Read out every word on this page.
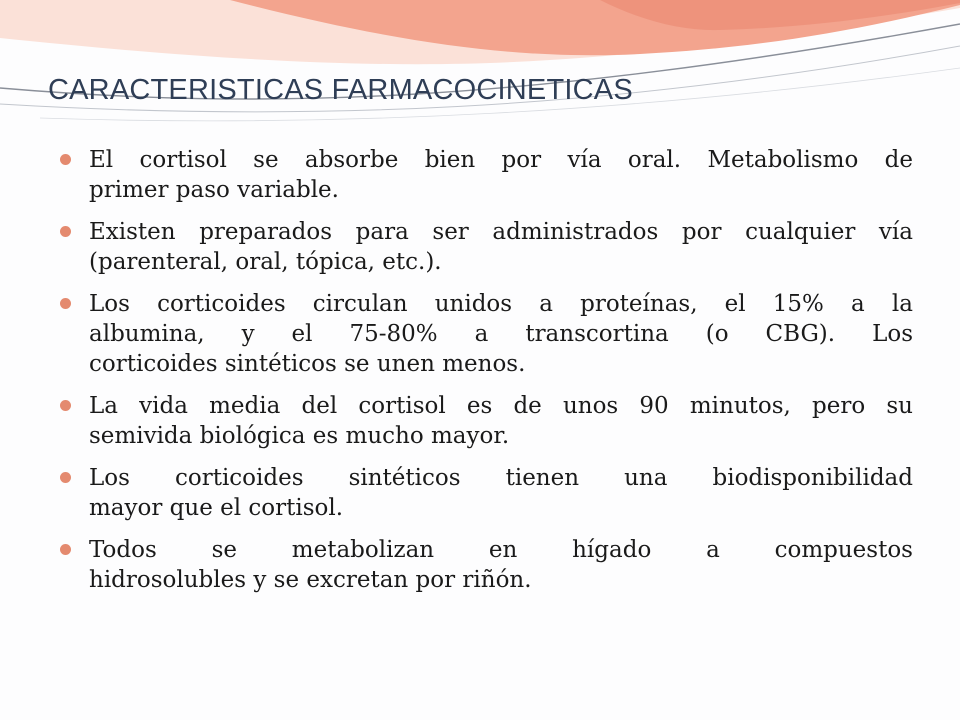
CARACTERISTICAS FARMACOCINETICAS
El cortisol se absorbe bien por vía oral. Metabolismo de
primer paso variable.
Existen preparados para ser administrados por cualquier vía
(parenteral, oral, tópica, etc.).
Los corticoides circulan unidos a proteínas, el 15% a la
albumina, y el 75-80% a transcortina (o CBG). Los
corticoides sintéticos se unen menos.
La vida media del cortisol es de unos 90 minutos, pero su
semivida biológica es mucho mayor.
Los corticoides sintéticos tienen una biodisponibilidad
mayor que el cortisol.
Todos se metabolizan en hígado a compuestos
hidrosolubles y se excretan por riñón.
